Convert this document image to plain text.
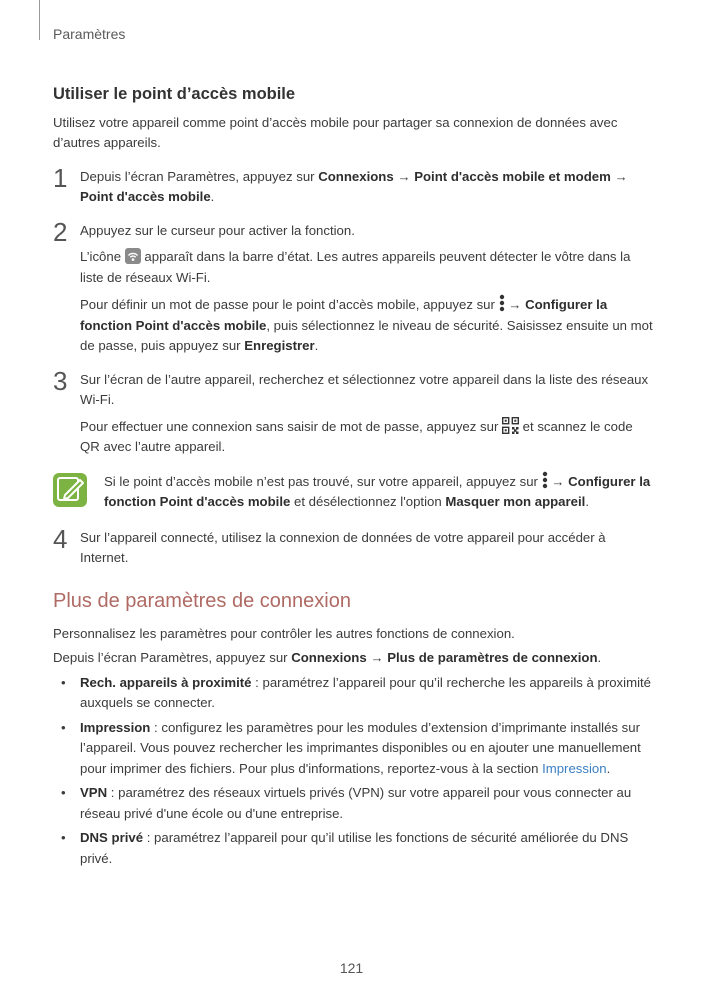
Paramètres
Utiliser le point d’accès mobile

Utilisez votre appareil comme point d’accès mobile pour partager sa connexion de données avec d’autres appareils.

1 Depuis l’écran Paramètres, appuyez sur Connexions → Point d'accès mobile et modem → Point d'accès mobile.

2 Appuyez sur le curseur pour activer la fonction.

L’icône  apparaît dans la barre d’état. Les autres appareils peuvent détecter le vôtre dans la liste de réseaux Wi-Fi.

Pour définir un mot de passe pour le point d’accès mobile, appuyez sur  → Configurer la fonction Point d'accès mobile, puis sélectionnez le niveau de sécurité. Saisissez ensuite un mot de passe, puis appuyez sur Enregistrer.

3 Sur l’écran de l’autre appareil, recherchez et sélectionnez votre appareil dans la liste des réseaux Wi-Fi.

Pour effectuer une connexion sans saisir de mot de passe, appuyez sur  et scannez le code QR avec l’autre appareil.

Si le point d’accès mobile n’est pas trouvé, sur votre appareil, appuyez sur  → Configurer la fonction Point d'accès mobile et désélectionnez l'option Masquer mon appareil.

4 Sur l’appareil connecté, utilisez la connexion de données de votre appareil pour accéder à Internet.

Plus de paramètres de connexion

Personnalisez les paramètres pour contrôler les autres fonctions de connexion.

Depuis l’écran Paramètres, appuyez sur Connexions → Plus de paramètres de connexion.

• Rech. appareils à proximité : paramétrez l’appareil pour qu’il recherche les appareils à proximité auxquels se connecter.
• Impression : configurez les paramètres pour les modules d’extension d’imprimante installés sur l’appareil. Vous pouvez rechercher les imprimantes disponibles ou en ajouter une manuellement pour imprimer des fichiers. Pour plus d'informations, reportez-vous à la section Impression.
• VPN : paramétrez des réseaux virtuels privés (VPN) sur votre appareil pour vous connecter au réseau privé d'une école ou d'une entreprise.
• DNS privé : paramétrez l’appareil pour qu’il utilise les fonctions de sécurité améliorée du DNS privé.
121
